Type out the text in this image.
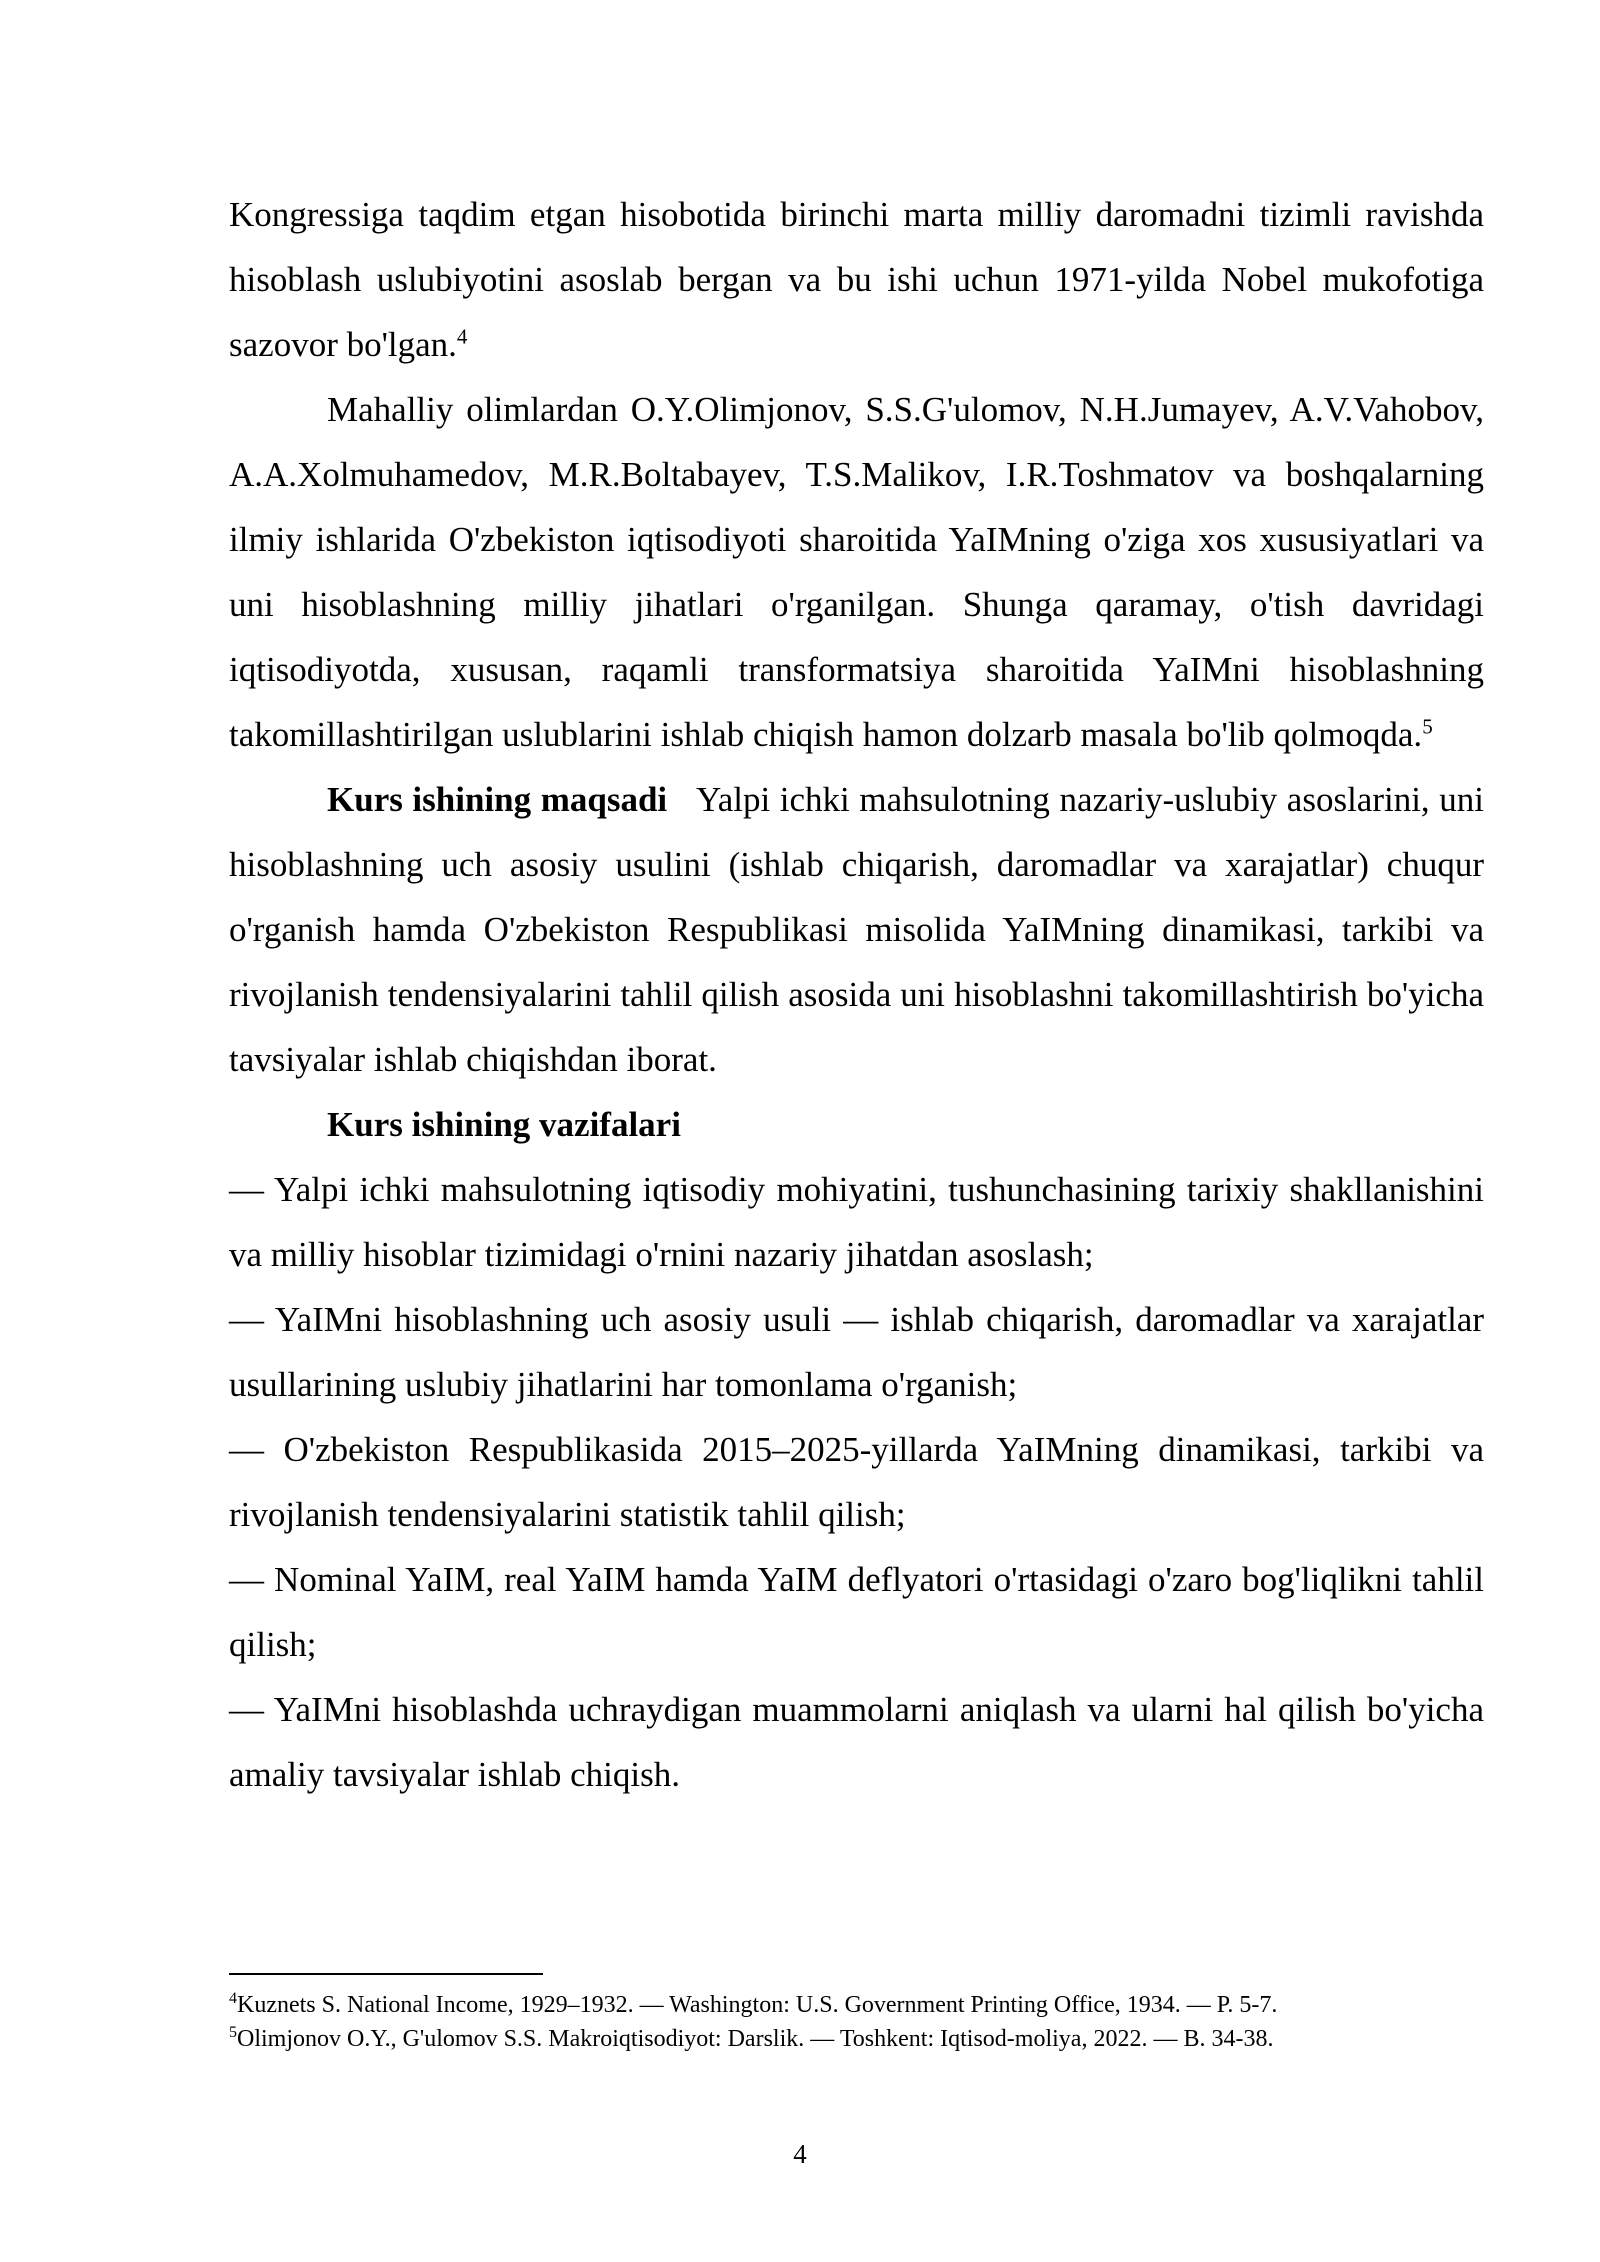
Kongressiga taqdim etgan hisobotida birinchi marta milliy daromadni tizimli ravishda hisoblash uslubiyotini asoslab bergan va bu ishi uchun 1971-yilda Nobel mukofotiga sazovor bo'lgan.$^4$

Mahalliy olimlardan O.Y.Olimjonov, S.S.G'ulomov, N.H.Jumayev, A.V.Vahobov, A.A.Xolmuhamedov, M.R.Boltabayev, T.S.Malikov, I.R.Toshmatov va boshqalarning ilmiy ishlarida O'zbekiston iqtisodiyoti sharoitida YaIMning o'ziga xos xususiyatlari va uni hisoblashning milliy jihatlari o'rganilgan. Shunga qaramay, o'tish davridagi iqtisodiyotda, xususan, raqamli transformatsiya sharoitida YaIMni hisoblashning takomillashtirilgan uslublarini ishlab chiqish hamon dolzarb masala bo'lib qolmoqda.$^5$

Kurs ishining maqsadi Yalpi ichki mahsulotning nazariy-uslubiy asoslarini, uni hisoblashning uch asosiy usulini (ishlab chiqarish, daromadlar va xarajatlar) chuqur o'rganish hamda O'zbekiston Respublikasi misolida YaIMning dinamikasi, tarkibi va rivojlanish tendensiyalarini tahlil qilish asosida uni hisoblashni takomillashtirish bo'yicha tavsiyalar ishlab chiqishdan iborat.

Kurs ishining vazifalari

— Yalpi ichki mahsulotning iqtisodiy mohiyatini, tushunchasining tarixiy shakllanishini va milliy hisoblar tizimidagi o'rnini nazariy jihatdan asoslash;

— YaIMni hisoblashning uch asosiy usuli — ishlab chiqarish, daromadlar va xarajatlar usullarining uslubiy jihatlarini har tomonlama o'rganish;

— O'zbekiston Respublikasida 2015–2025-yillarda YaIMning dinamikasi, tarkibi va rivojlanish tendensiyalarini statistik tahlil qilish;

— Nominal YaIM, real YaIM hamda YaIM deflyatori o'rtasidagi o'zaro bog'liqlikni tahlil qilish;

— YaIMni hisoblashda uchraydigan muammolarni aniqlash va ularni hal qilish bo'yicha amaliy tavsiyalar ishlab chiqish.

$^4$Kuznets S. National Income, 1929–1932. — Washington: U.S. Government Printing Office, 1934. — P. 5-7.

$^5$Olimjonov O.Y., G'ulomov S.S. Makroiqtisodiyot: Darslik. — Toshkent: Iqtisod-moliya, 2022. — B. 34-38.

4
